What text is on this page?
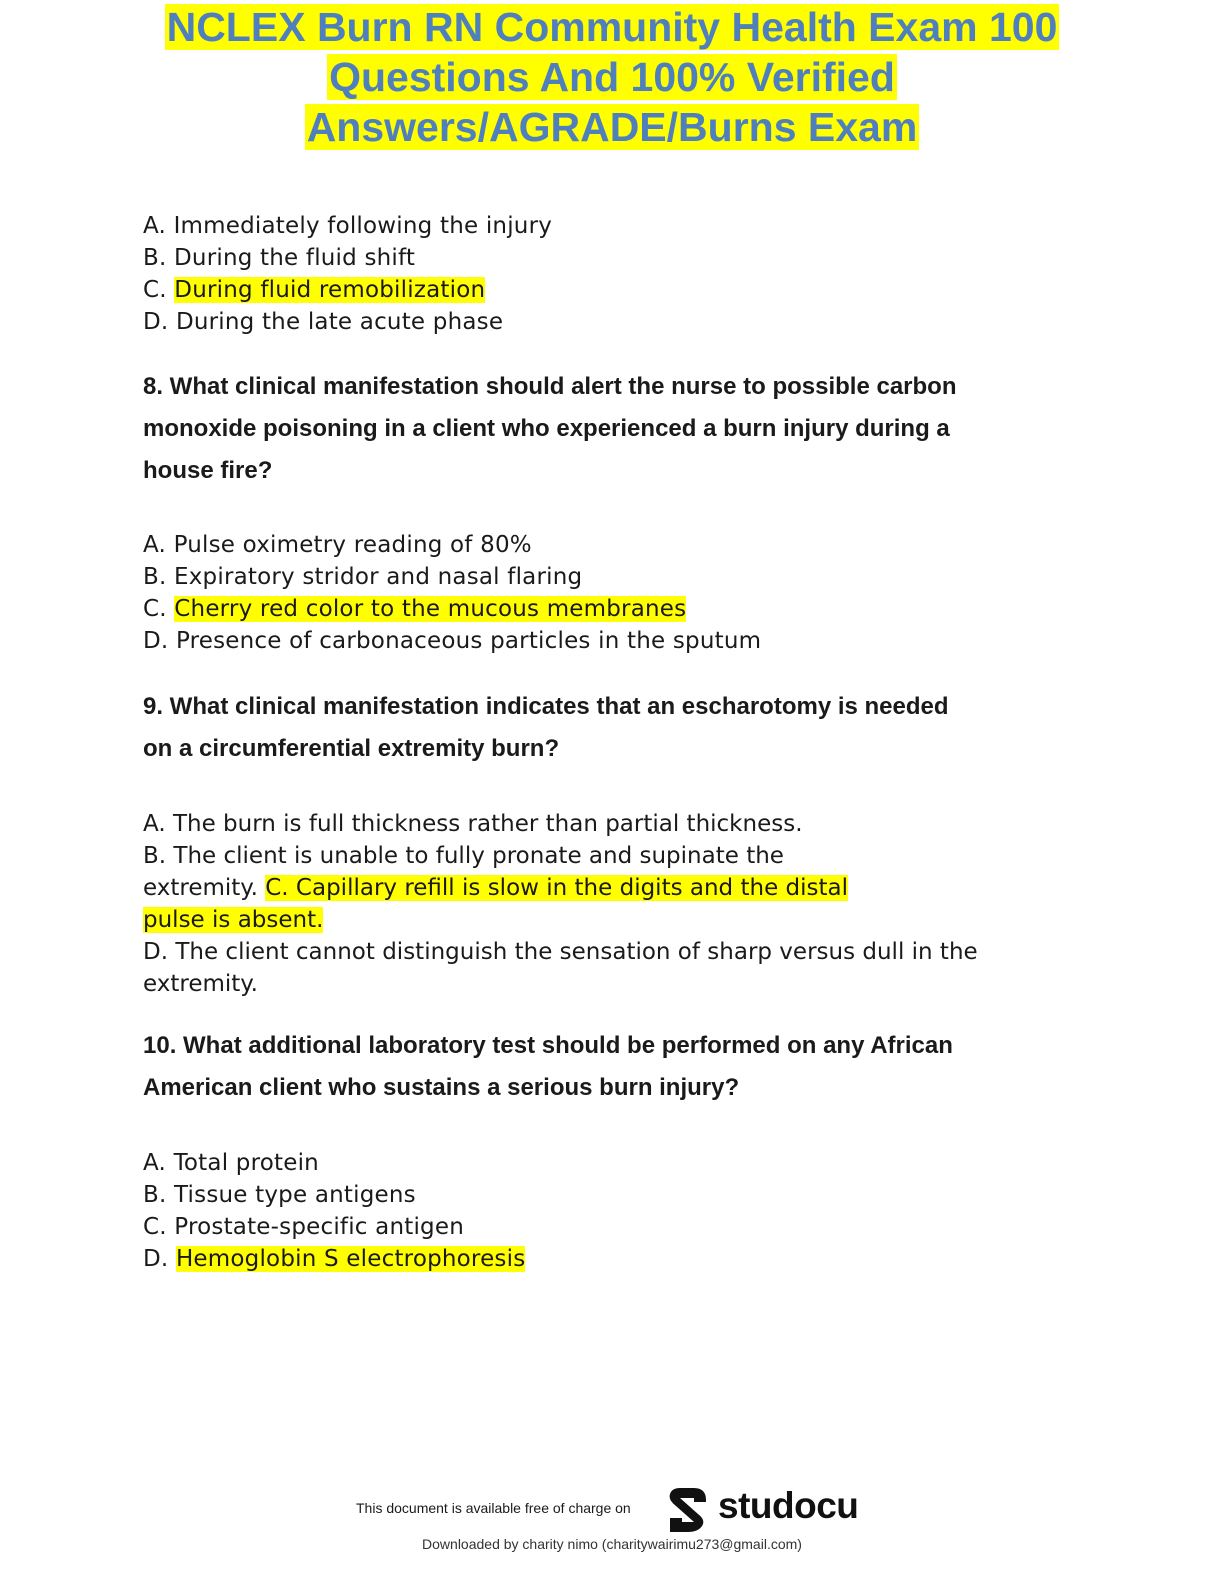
NCLEX Burn RN Community Health Exam 100
Questions And 100% Verified
Answers/AGRADE/Burns Exam
A. Immediately following the injury
B. During the fluid shift
C. During fluid remobilization
D. During the late acute phase
8. What clinical manifestation should alert the nurse to possible carbon
monoxide poisoning in a client who experienced a burn injury during a
house fire?
A. Pulse oximetry reading of 80%
B. Expiratory stridor and nasal flaring
C. Cherry red color to the mucous membranes
D. Presence of carbonaceous particles in the sputum
9. What clinical manifestation indicates that an escharotomy is needed
on a circumferential extremity burn?
A. The burn is full thickness rather than partial thickness.
B. The client is unable to fully pronate and supinate the
extremity. C. Capillary refill is slow in the digits and the distal
pulse is absent.
D. The client cannot distinguish the sensation of sharp versus dull in the
extremity.
10. What additional laboratory test should be performed on any African
American client who sustains a serious burn injury?
A. Total protein
B. Tissue type antigens
C. Prostate-specific antigen
D. Hemoglobin S electrophoresis
This document is available free of charge on studocu
Downloaded by charity nimo (charitywairimu273@gmail.com)
